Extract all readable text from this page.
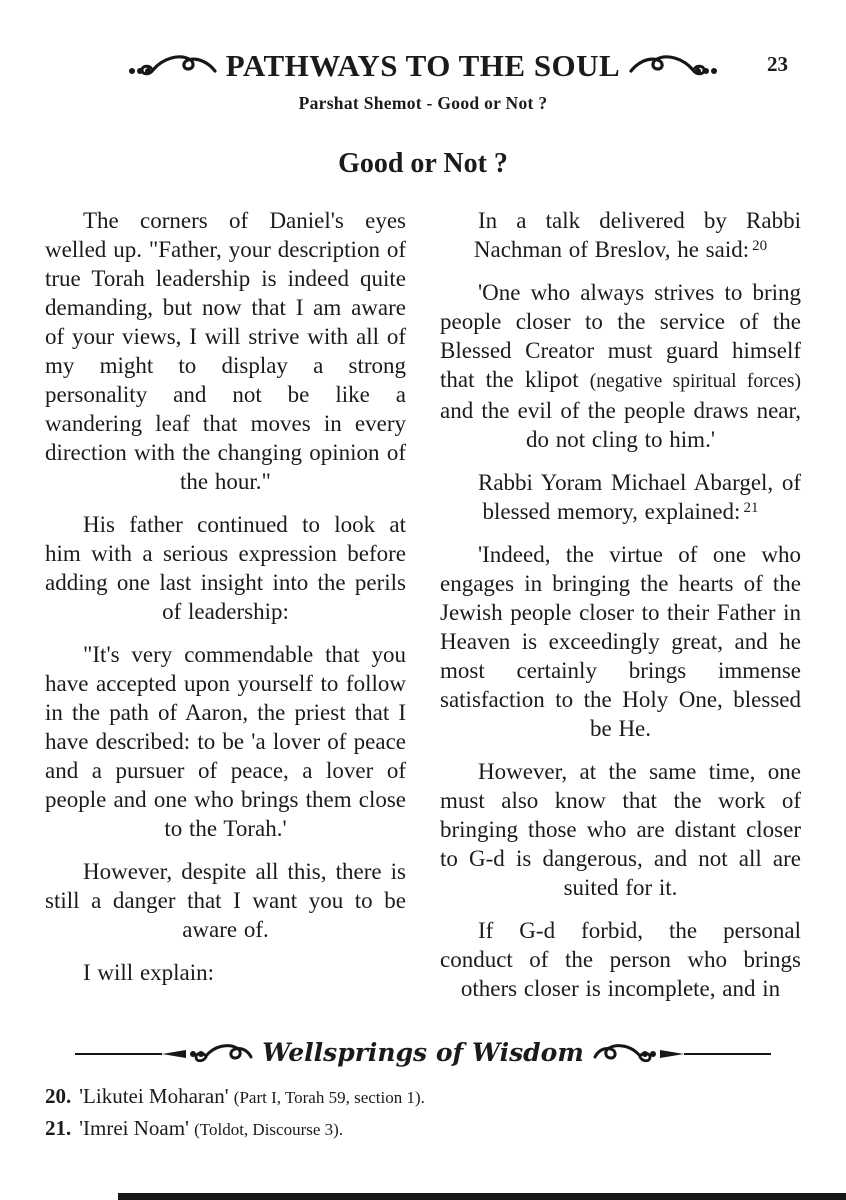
PATHWAYS TO THE SOUL	23
Parshat Shemot - Good or Not ?
Good or Not ?

The corners of Daniel's eyes welled up. "Father, your description of true Torah leadership is indeed quite demanding, but now that I am aware of your views, I will strive with all of my might to display a strong personality and not be like a wandering leaf that moves in every direction with the changing opinion of the hour."

His father continued to look at him with a serious expression before adding one last insight into the perils of leadership:

"It's very commendable that you have accepted upon yourself to follow in the path of Aaron, the priest that I have described: to be 'a lover of peace and a pursuer of peace, a lover of people and one who brings them close to the Torah.'

However, despite all this, there is still a danger that I want you to be aware of.

I will explain:

In a talk delivered by Rabbi Nachman of Breslov, he said: $^{20}$

'One who always strives to bring people closer to the service of the Blessed Creator must guard himself that the klipot (negative spiritual forces) and the evil of the people draws near, do not cling to him.'

Rabbi Yoram Michael Abargel, of blessed memory, explained: $^{21}$

'Indeed, the virtue of one who engages in bringing the hearts of the Jewish people closer to their Father in Heaven is exceedingly great, and he most certainly brings immense satisfaction to the Holy One, blessed be He.

However, at the same time, one must also know that the work of bringing those who are distant closer to G-d is dangerous, and not all are suited for it.

If G-d forbid, the personal conduct of the person who brings others closer is incomplete, and in

Wellsprings of Wisdom
20. 'Likutei Moharan' (Part I, Torah 59, section 1).
21. 'Imrei Noam' (Toldot, Discourse 3).
